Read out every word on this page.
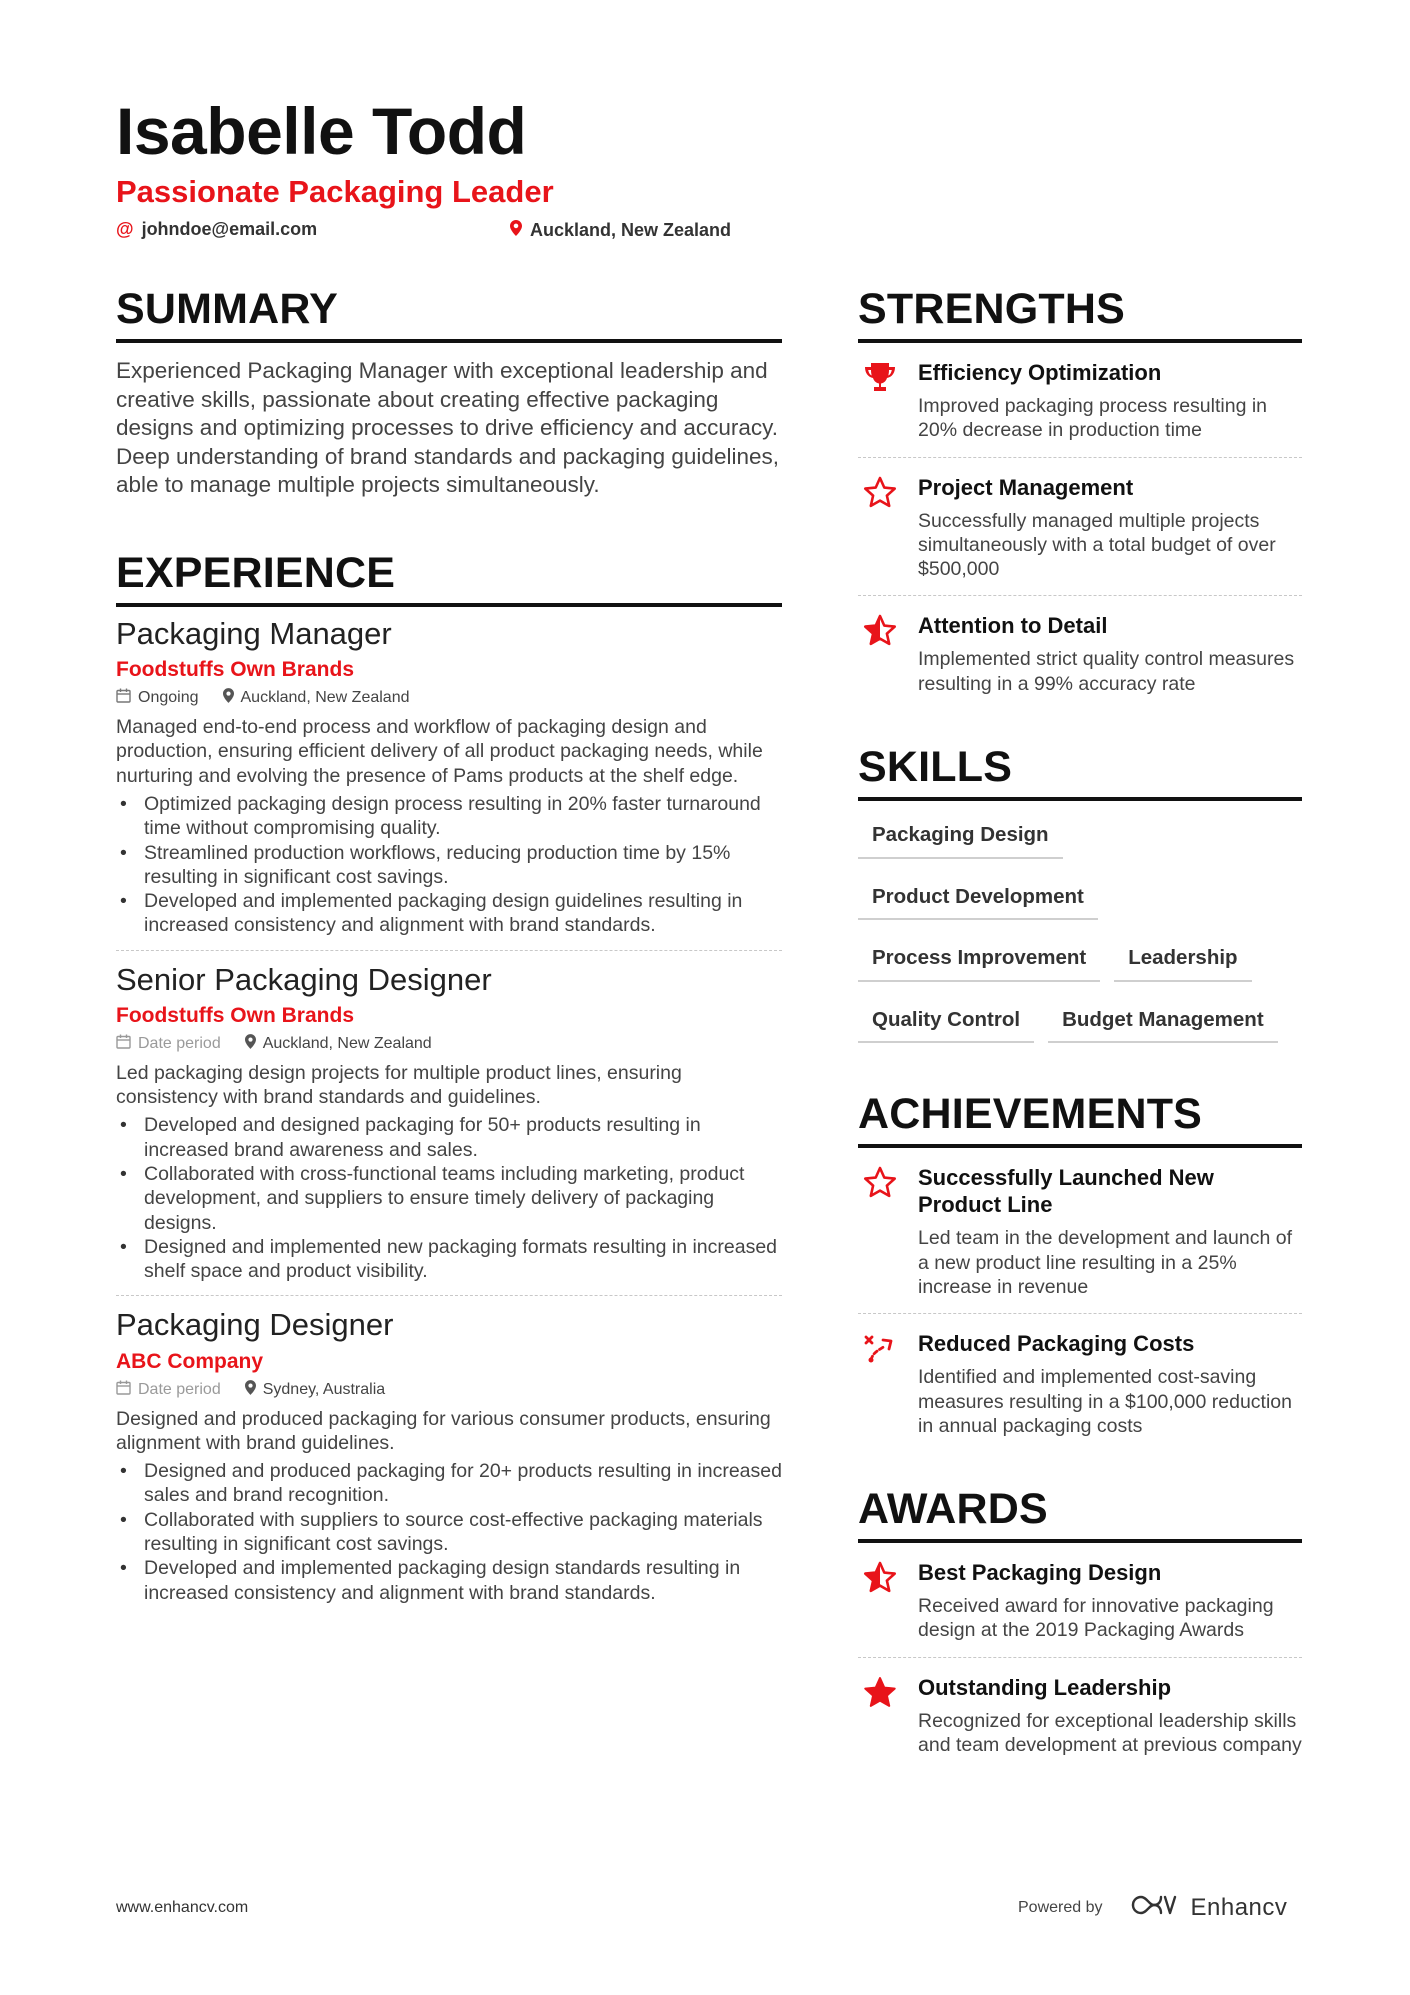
Isabelle Todd
Passionate Packaging Leader
@ johndoe@email.com	Auckland, New Zealand
SUMMARY

Experienced Packaging Manager with exceptional leadership and creative skills, passionate about creating effective packaging designs and optimizing processes to drive efficiency and accuracy. Deep understanding of brand standards and packaging guidelines, able to manage multiple projects simultaneously.

EXPERIENCE
Packaging Manager
Foodstuffs Own Brands
Ongoing	Auckland, New Zealand

Managed end-to-end process and workflow of packaging design and production, ensuring efficient delivery of all product packaging needs, while nurturing and evolving the presence of Pams products at the shelf edge.

• Optimized packaging design process resulting in 20% faster turnaround time without compromising quality.
• Streamlined production workflows, reducing production time by 15% resulting in significant cost savings.
• Developed and implemented packaging design guidelines resulting in increased consistency and alignment with brand standards.
Senior Packaging Designer
Foodstuffs Own Brands
Date period	Auckland, New Zealand

Led packaging design projects for multiple product lines, ensuring consistency with brand standards and guidelines.

• Developed and designed packaging for 50+ products resulting in increased brand awareness and sales.
• Collaborated with cross-functional teams including marketing, product development, and suppliers to ensure timely delivery of packaging designs.
• Designed and implemented new packaging formats resulting in increased shelf space and product visibility.
Packaging Designer
ABC Company
Date period	Sydney, Australia

Designed and produced packaging for various consumer products, ensuring alignment with brand guidelines.

• Designed and produced packaging for 20+ products resulting in increased sales and brand recognition.
• Collaborated with suppliers to source cost-effective packaging materials resulting in significant cost savings.
• Developed and implemented packaging design standards resulting in increased consistency and alignment with brand standards.
STRENGTHS
Efficiency Optimization
Improved packaging process resulting in 20% decrease in production time
Project Management
Successfully managed multiple projects simultaneously with a total budget of over $500,000
Attention to Detail
Implemented strict quality control measures resulting in a 99% accuracy rate
SKILLS
Packaging Design
Product Development
Process Improvement	Leadership
Quality Control	Budget Management
ACHIEVEMENTS
Successfully Launched New Product Line
Led team in the development and launch of a new product line resulting in a 25% increase in revenue
Reduced Packaging Costs
Identified and implemented cost-saving measures resulting in a $100,000 reduction in annual packaging costs
AWARDS
Best Packaging Design
Received award for innovative packaging design at the 2019 Packaging Awards
Outstanding Leadership
Recognized for exceptional leadership skills and team development at previous company
www.enhancv.com	Powered by	Enhancv
